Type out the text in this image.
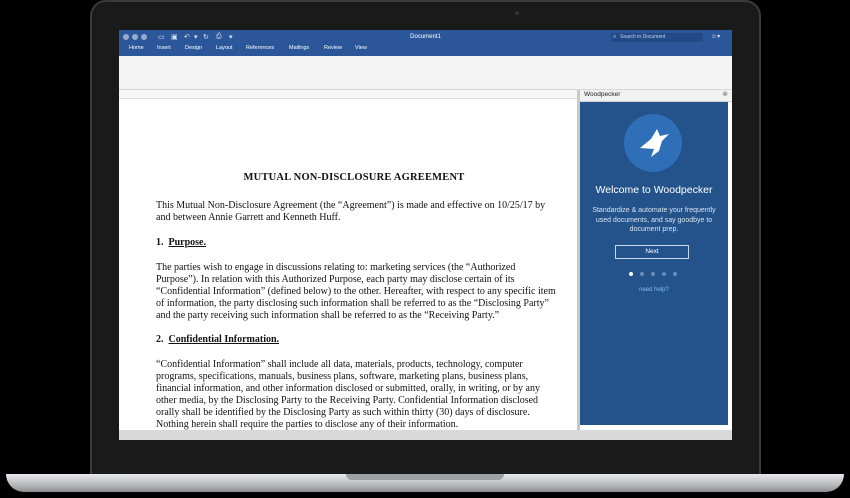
▭ ▣ ↶ ▾ ↻ ⎙ ▾	Document1	⌕ Search in Document	☺▾
Home Insert	Design	Layout References	Mailings	Review View
MUTUAL NON-DISCLOSURE AGREEMENT

This Mutual Non-Disclosure Agreement (the “Agreement”) is made and effective on 10/25/17 by and between Annie Garrett and Kenneth Huff.

1. Purpose.

The parties wish to engage in discussions relating to: marketing services (the “Authorized Purpose”). In relation with this Authorized Purpose, each party may disclose certain of its “Confidential Information” (defined below) to the other. Hereafter, with respect to any specific item of information, the party disclosing such information shall be referred to as the “Disclosing Party” and the party receiving such information shall be referred to as the “Receiving Party.”

2. Confidential Information.

“Confidential Information” shall include all data, materials, products, technology, computer programs, specifications, manuals, business plans, software, marketing plans, business plans, financial information, and other information disclosed or submitted, orally, in writing, or by any other media, by the Disclosing Party to the Receiving Party. Confidential Information disclosed orally shall be identified by the Disclosing Party as such within thirty (30) days of disclosure. Nothing herein shall require the parties to disclose any of their information.

Woodpecker	⊗
Welcome to Woodpecker
Standardize & automate your frequently used documents, and say goodbye to document prep.
Next
need help?
